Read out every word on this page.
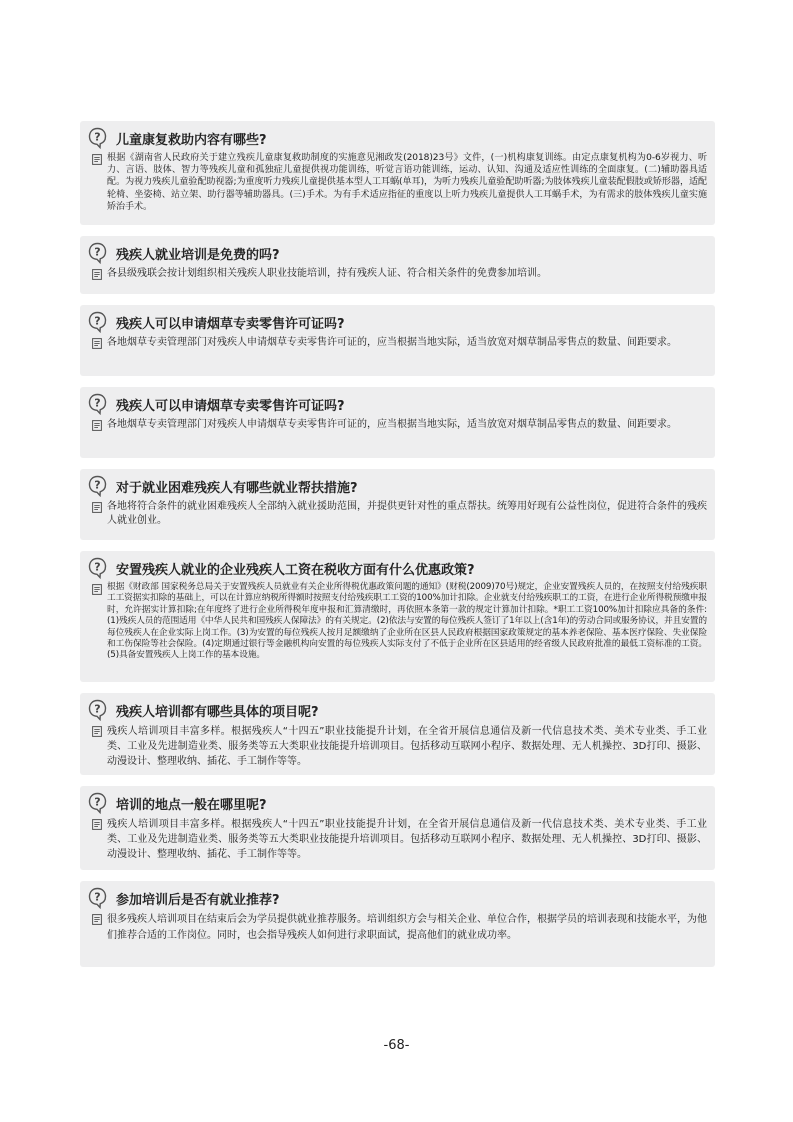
? 儿童康复救助内容有哪些?
根据《湖南省人民政府关于建立残疾儿童康复救助制度的实施意见湘政发(2018)23号》文件，(一)机构康复训练。由定点康复机构为0-6岁视力、听力、言语、肢体、智力等残疾儿童和孤独症儿童提供视功能训练，听觉言语功能训练，运动、认知、沟通及适应性训练的全面康复。(二)辅助器具适配。为视力残疾儿童验配助视器;为重度听力残疾儿童提供基本型人工耳蜗(单耳)，为听力残疾儿童验配助听器;为肢体残疾儿童装配假肢或矫形器，适配轮椅、坐姿椅、站立架、助行器等辅助器具。(三)手术。为有手术适应指征的重度以上听力残疾儿童提供人工耳蜗手术，为有需求的肢体残疾儿童实施矫治手术。
? 残疾人就业培训是免费的吗?
各县级残联会按计划组织相关残疾人职业技能培训，持有残疾人证、符合相关条件的免费参加培训。
? 残疾人可以申请烟草专卖零售许可证吗?
各地烟草专卖管理部门对残疾人申请烟草专卖零售许可证的，应当根据当地实际，适当放宽对烟草制品零售点的数量、间距要求。
? 残疾人可以申请烟草专卖零售许可证吗?
各地烟草专卖管理部门对残疾人申请烟草专卖零售许可证的，应当根据当地实际，适当放宽对烟草制品零售点的数量、间距要求。
? 对于就业困难残疾人有哪些就业帮扶措施?
各地将符合条件的就业困难残疾人全部纳入就业援助范围，并提供更针对性的重点帮扶。统筹用好现有公益性岗位，促进符合条件的残疾人就业创业。
? 安置残疾人就业的企业残疾人工资在税收方面有什么优惠政策?
根据《财政部 国家税务总局关于安置残疾人员就业有关企业所得税优惠政策问题的通知》(财税(2009)70号)规定，企业安置残疾人员的，在按照支付给残疾职工工资据实扣除的基础上，可以在计算应纳税所得额时按照支付给残疾职工工资的100%加计扣除。企业就支付给残疾职工的工资，在进行企业所得税预缴申报时，允许据实计算扣除;在年度终了进行企业所得税年度申报和汇算清缴时，再依照本条第一款的规定计算加计扣除。*职工工资100%加计扣除应具备的条件:(1)残疾人员的范围适用《中华人民共和国残疾人保障法》的有关规定。(2)依法与安置的每位残疾人签订了1年以上(含1年)的劳动合同或服务协议，并且安置的每位残疾人在企业实际上岗工作。(3)为安置的每位残疾人按月足额缴纳了企业所在区县人民政府根据国家政策规定的基本养老保险、基本医疗保险、失业保险和工伤保险等社会保险。(4)定期通过银行等金融机构向安置的每位残疾人实际支付了不低于企业所在区县适用的经省级人民政府批准的最低工资标准的工资。(5)具备安置残疾人上岗工作的基本设施。
? 残疾人培训都有哪些具体的项目呢?
残疾人培训项目丰富多样。根据残疾人“十四五”职业技能提升计划，在全省开展信息通信及新一代信息技术类、美术专业类、手工业类、工业及先进制造业类、服务类等五大类职业技能提升培训项目。包括移动互联网小程序、数据处理、无人机操控、3D打印、摄影、动漫设计、整理收纳、插花、手工制作等等。
? 培训的地点一般在哪里呢?
残疾人培训项目丰富多样。根据残疾人“十四五”职业技能提升计划，在全省开展信息通信及新一代信息技术类、美术专业类、手工业类、工业及先进制造业类、服务类等五大类职业技能提升培训项目。包括移动互联网小程序、数据处理、无人机操控、3D打印、摄影、动漫设计、整理收纳、插花、手工制作等等。
? 参加培训后是否有就业推荐?
很多残疾人培训项目在结束后会为学员提供就业推荐服务。培训组织方会与相关企业、单位合作，根据学员的培训表现和技能水平，为他们推荐合适的工作岗位。同时，也会指导残疾人如何进行求职面试，提高他们的就业成功率。
-68-
